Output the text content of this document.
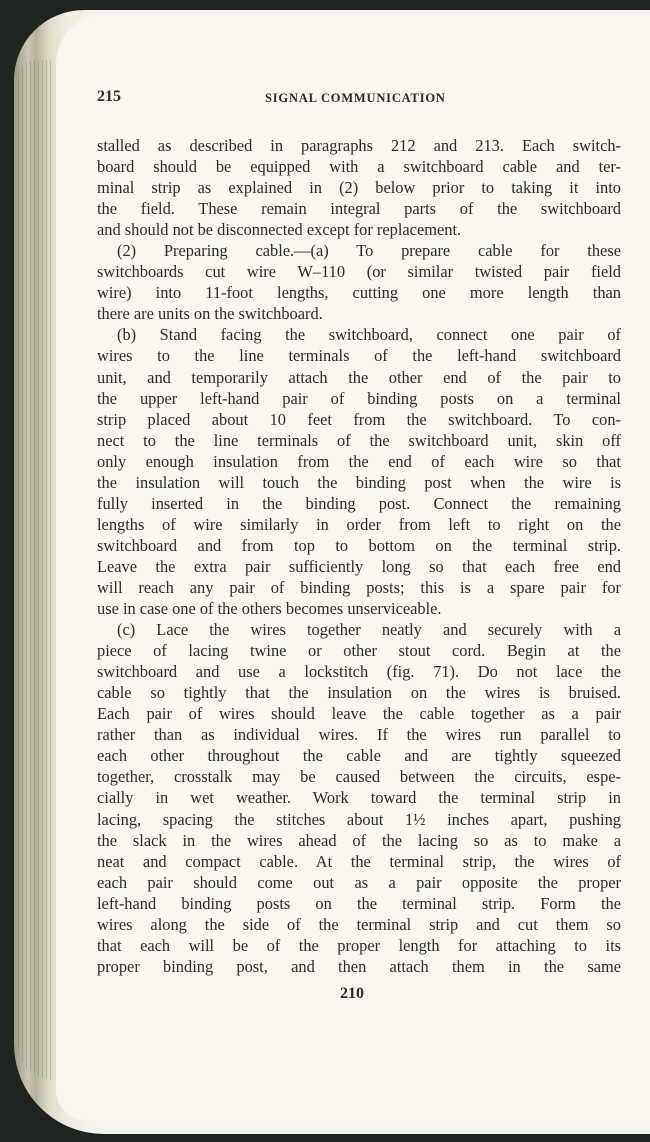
215	SIGNAL COMMUNICATION
stalled as described in paragraphs 212 and 213. Each switch-
board should be equipped with a switchboard cable and ter-
minal strip as explained in (2) below prior to taking it into
the field. These remain integral parts of the switchboard
and should not be disconnected except for replacement.
(2) Preparing cable.—(a) To prepare cable for these
switchboards cut wire W–110 (or similar twisted pair field
wire) into 11-foot lengths, cutting one more length than
there are units on the switchboard.
(b) Stand facing the switchboard, connect one pair of
wires to the line terminals of the left-hand switchboard
unit, and temporarily attach the other end of the pair to
the upper left-hand pair of binding posts on a terminal
strip placed about 10 feet from the switchboard. To con-
nect to the line terminals of the switchboard unit, skin off
only enough insulation from the end of each wire so that
the insulation will touch the binding post when the wire is
fully inserted in the binding post. Connect the remaining
lengths of wire similarly in order from left to right on the
switchboard and from top to bottom on the terminal strip.
Leave the extra pair sufficiently long so that each free end
will reach any pair of binding posts; this is a spare pair for
use in case one of the others becomes unserviceable.
(c) Lace the wires together neatly and securely with a
piece of lacing twine or other stout cord. Begin at the
switchboard and use a lockstitch (fig. 71). Do not lace the
cable so tightly that the insulation on the wires is bruised.
Each pair of wires should leave the cable together as a pair
rather than as individual wires. If the wires run parallel to
each other throughout the cable and are tightly squeezed
together, crosstalk may be caused between the circuits, espe-
cially in wet weather. Work toward the terminal strip in
lacing, spacing the stitches about 1½ inches apart, pushing
the slack in the wires ahead of the lacing so as to make a
neat and compact cable. At the terminal strip, the wires of
each pair should come out as a pair opposite the proper
left-hand binding posts on the terminal strip. Form the
wires along the side of the terminal strip and cut them so
that each will be of the proper length for attaching to its
proper binding post, and then attach them in the same
210
